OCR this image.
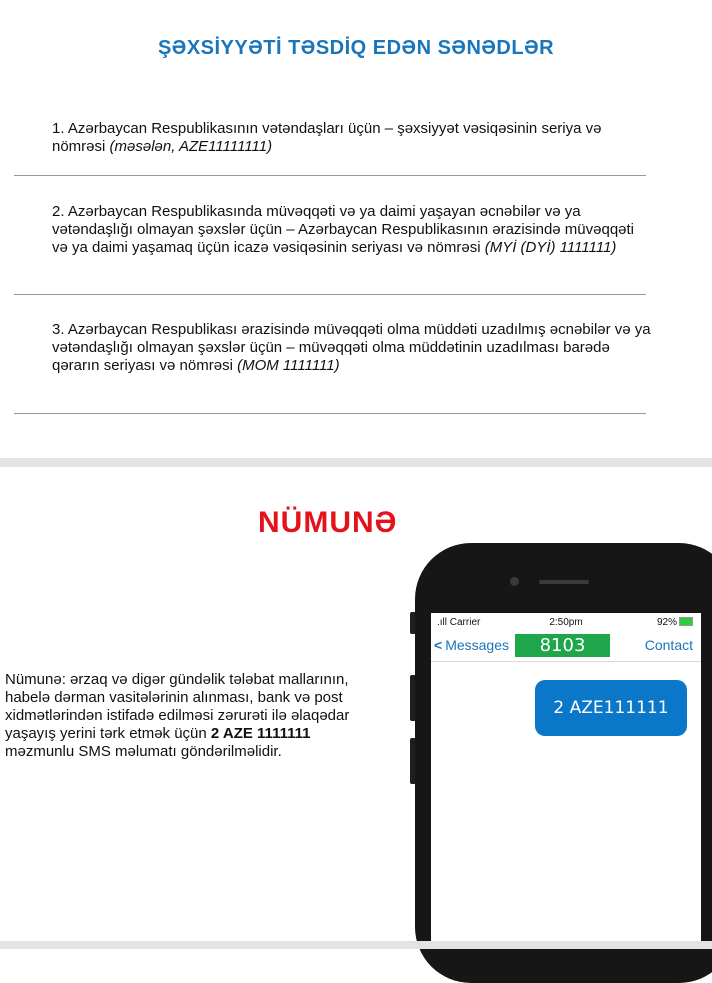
ŞƏXSİYYƏTİ TƏSDİQ EDƏN SƏNƏDLƏR
1. Azərbaycan Respublikasının vətəndaşları üçün – şəxsiyyət vəsiqəsinin seriya və nömrəsi (məsələn, AZE11111111)
2. Azərbaycan Respublikasında müvəqqəti və ya daimi yaşayan əcnəbilər və ya vətəndaşlığı olmayan şəxslər üçün – Azərbaycan Respublikasının ərazisində müvəqqəti və ya daimi yaşamaq üçün icazə vəsiqəsinin seriyası və nömrəsi (MYİ (DYİ) 1111111)
3. Azərbaycan Respublikası ərazisində müvəqqəti olma müddəti uzadılmış əcnəbilər və ya vətəndaşlığı olmayan şəxslər üçün – müvəqqəti olma müddətinin uzadılması barədə qərarın seriyası və nömrəsi (MOM 1111111)
NÜMUNƏ
Nümunə: ərzaq və digər gündəlik tələbat mallarının, habelə dərman vasitələrinin alınması, bank və post xidmətlərindən istifadə edilməsi zərurəti ilə əlaqədar yaşayış yerini tərk etmək üçün 2 AZE 1111111 məzmunlu SMS məlumatı göndərilməlidir.
.ıll Carrier	2:50pm	92%
< Messages	8103	Contact
2 AZE111111
